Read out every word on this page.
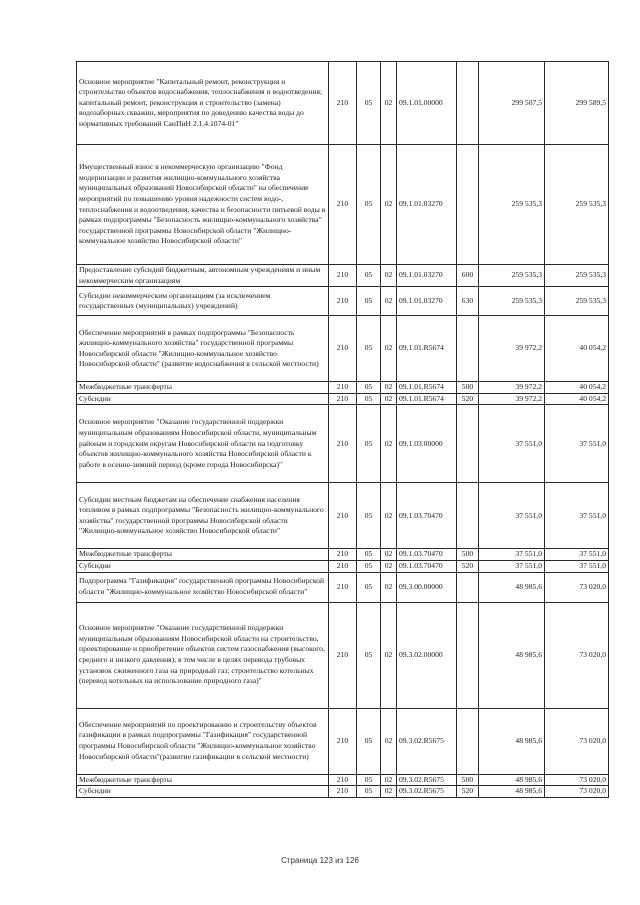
Основное мероприятие "Капитальный ремонт, реконструкция и строительство объектов водоснабжения, теплоснабжения и водоотведения; капитальный ремонт, реконструкция и строительство (замена) водозаборных скважин, мероприятия по доведению качества воды до нормативных требований СанПиН 2.1.4.1074-01"	210	05	02	09.1.01.00000		299 507,5	299 589,5
Имущественный взнос в некоммерческую организацию "Фонд модернизации и развития жилищно-коммунального хозяйства муниципальных образований Новосибирской области" на обеспечение мероприятий по повышению уровня надежности систем водо-, теплоснабжения и водоотведения, качества и безопасности питьевой воды в рамках подпрограммы "Безопасность жилищно-коммунального хозяйства" государственной программы Новосибирской области "Жилищно-коммунальное хозяйство Новосибирской области"	210	05	02	09.1.01.03270		259 535,3	259 535,3
Предоставление субсидий бюджетным, автономным учреждениям и иным некоммерческим организациям	210	05	02	09.1.01.03270	600	259 535,3	259 535,3
Субсидии некоммерческим организациям (за исключением государственных (муниципальных) учреждений)	210	05	02	09.1.01.03270	630	259 535,3	259 535,3
Обеспечение мероприятий в рамках подпрограммы "Безопасность жилищно-коммунального хозяйства" государственной программы Новосибирской области "Жилищно-коммунальное хозяйство Новосибирской области" (развитие водоснабжения в сельской местности)	210	05	02	09.1.01.R5674		39 972,2	40 054,2
Межбюджетные трансферты	210	05	02	09.1.01.R5674	500	39 972,2	40 054,2
Субсидии	210	05	02	09.1.01.R5674	520	39 972,2	40 054,2
Основное мероприятие "Оказание государственной поддержки муниципальным образованиям Новосибирской области, муниципальным районам и городским округам Новосибирской области на подготовку объектов жилищно-коммунального хозяйства Новосибирской области к работе в осенне-зимний период (кроме города Новосибирска)"	210	05	02	09.1.03.00000		37 551,0	37 551,0
Субсидии местным бюджетам на обеспечение снабжения населения топливом в рамках подпрограммы "Безопасность жилищно-коммунального хозяйства" государственной программы Новосибирской области "Жилищно-коммунальное хозяйство Новосибирской области"	210	05	02	09.1.03.70470		37 551,0	37 551,0
Межбюджетные трансферты	210	05	02	09.1.03.70470	500	37 551,0	37 551,0
Субсидии	210	05	02	09.1.03.70470	520	37 551,0	37 551,0
Подпрограмма "Газификация" государственной программы Новосибирской области "Жилищно-коммунальное хозяйство Новосибирской области"	210	05	02	09.3.00.00000		48 985,6	73 020,0
Основное мероприятие "Оказание государственной поддержки муниципальным образованиям Новосибирской области на строительство, проектирование и приобретение объектов систем газоснабжения (высокого, среднего и низкого давления), в том числе в целях перевода трубовых установок сжиженного газа на природный газ; строительство котельных (перевод котельных на использование природного газа)"	210	05	02	09.3.02.00000		48 985,6	73 020,0
Обеспечение мероприятий по проектированию и строительству объектов газификации в рамках подпрограммы "Газификация" государственной программы Новосибирской области "Жилищно-коммунальное хозяйство Новосибирской области"(развитие газификации в сельской местности)	210	05	02	09.3.02.R5675		48 985,6	73 020,0
Межбюджетные трансферты	210	05	02	09.3.02.R5675	500	48 985,6	73 020,0
Субсидии	210	05	02	09.3.02.R5675	520	48 985,6	73 020,0
Страница 123 из 126
